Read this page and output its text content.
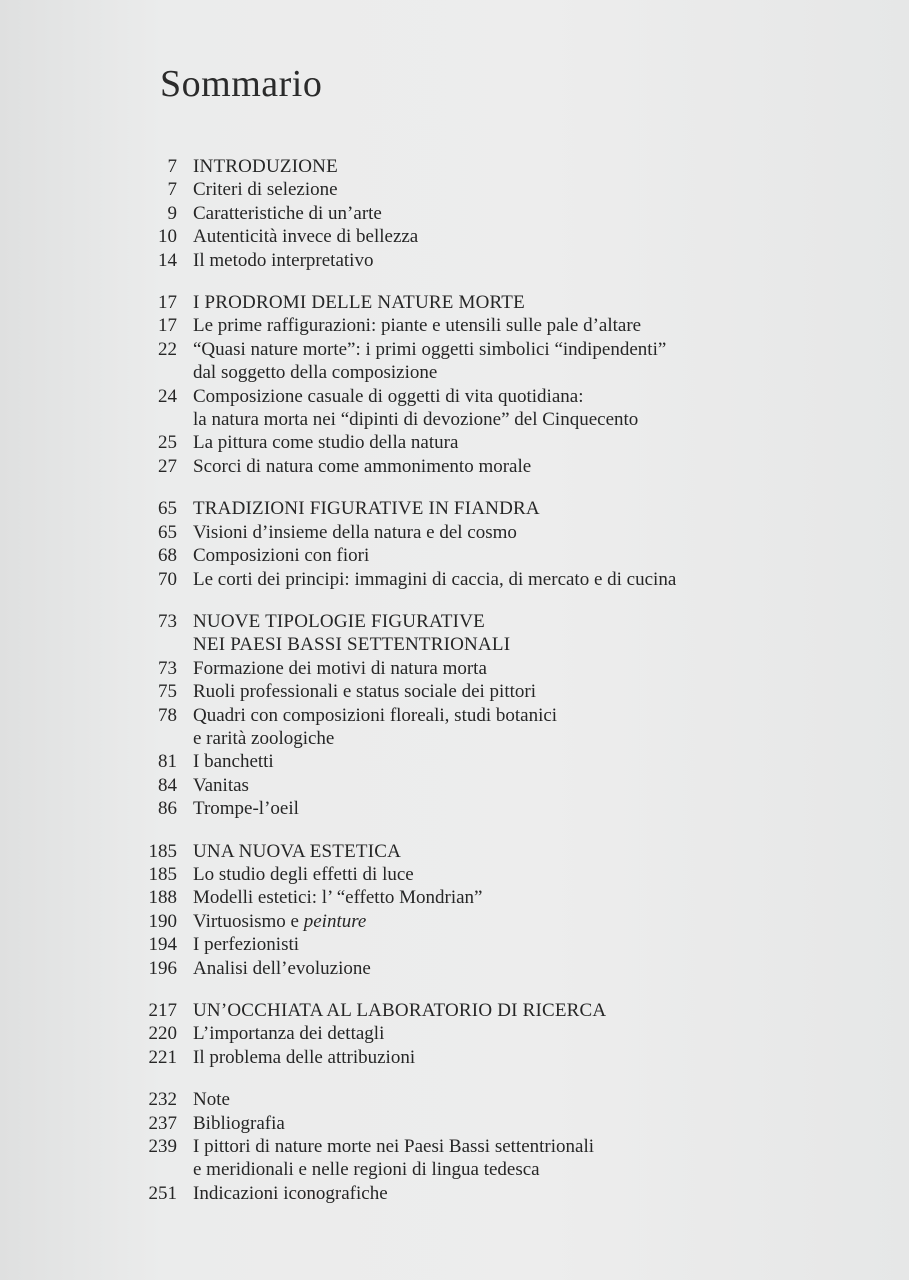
Sommario
7 INTRODUZIONE
7 Criteri di selezione
9 Caratteristiche di un’arte
10 Autenticità invece di bellezza
14 Il metodo interpretativo
17 I PRODROMI DELLE NATURE MORTE
17 Le prime raffigurazioni: piante e utensili sulle pale d’altare
22 “Quasi nature morte”: i primi oggetti simbolici “indipendenti”
dal soggetto della composizione
24 Composizione casuale di oggetti di vita quotidiana:
la natura morta nei “dipinti di devozione” del Cinquecento
25 La pittura come studio della natura
27 Scorci di natura come ammonimento morale
65 TRADIZIONI FIGURATIVE IN FIANDRA
65 Visioni d’insieme della natura e del cosmo
68 Composizioni con fiori
70 Le corti dei principi: immagini di caccia, di mercato e di cucina
73 NUOVE TIPOLOGIE FIGURATIVE
NEI PAESI BASSI SETTENTRIONALI
73 Formazione dei motivi di natura morta
75 Ruoli professionali e status sociale dei pittori
78 Quadri con composizioni floreali, studi botanici
e rarità zoologiche
81 I banchetti
84 Vanitas
86 Trompe-l’oeil
185 UNA NUOVA ESTETICA
185 Lo studio degli effetti di luce
188 Modelli estetici: l’ “effetto Mondrian”
190 Virtuosismo e peinture
194 I perfezionisti
196 Analisi dell’evoluzione
217 UN’OCCHIATA AL LABORATORIO DI RICERCA
220 L’importanza dei dettagli
221 Il problema delle attribuzioni
232 Note
237 Bibliografia
239 I pittori di nature morte nei Paesi Bassi settentrionali
e meridionali e nelle regioni di lingua tedesca
251 Indicazioni iconografiche
